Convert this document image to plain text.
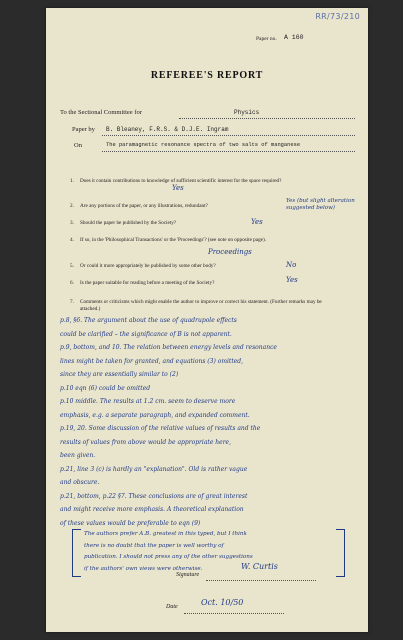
RR/73/210
Paper no. A 160
REFEREE'S REPORT
To the Sectional Committee for	Physics
Paper by B. Bleaney, F.R.S. & D.J.E. Ingram
On	The paramagnetic resonance spectra of two salts of manganese
1.	Does it contain contributions to knowledge of sufficient scientific interest for the space required?
Yes
2.	Are any portions of the paper, or any illustrations, redundant?
Yes (but slight alteration suggested below)
3.	Should the paper be published by the Society?	Yes
4.	If so, in the 'Philosophical Transactions' or the 'Proceedings'? (see note on opposite page).
Proceedings
5.	Or could it more appropriately be published by some other body?	No
6.	Is the paper suitable for reading before a meeting of the Society?	Yes
7.	Comments or criticisms which might enable the author to improve or correct his statement. (Further remarks may be attached.)
p.8, §6. The argument about the use of quadrupole effects
could be clarified – the significance of B is not apparent.
p.9, bottom, and 10. The relation between energy levels and resonance
lines might be taken for granted, and equations (3) omitted,
since they are essentially similar to (2)
p.10 eqn (6) could be omitted
p.10 middle. The results at 1.2 cm. seem to deserve more
emphasis, e.g. a separate paragraph, and expanded comment.
p.19, 20. Some discussion of the relative values of results and the
results of values from above would be appropriate here,
been given.
p.21, line 3 (c) is hardly an "explanation". Old is rather vague
and obscure.
p.21, bottom, p.22 §7. These conclusions are of great interest
and might receive more emphasis. A theoretical explanation
of these values would be preferable to eqn (9)
The authors prefer A.B. greatest in this typed, but I think
there is no doubt that the paper is well worthy of
publication. I should not press any of the other suggestions
if the authors' own views were otherwise.
Signature
W. Curtis
Date	Oct. 10/50
